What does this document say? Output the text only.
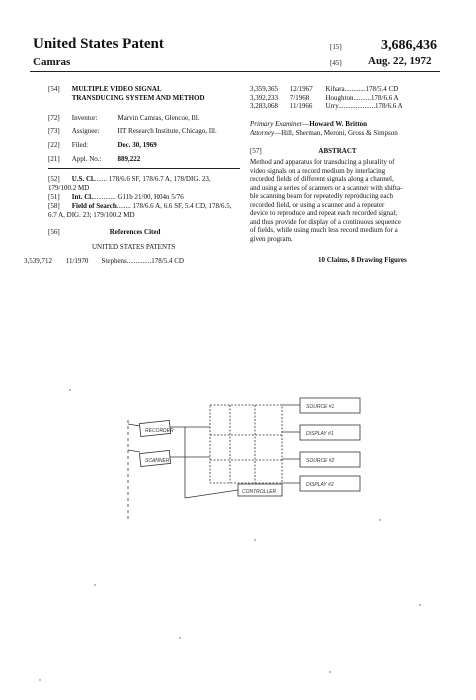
United States Patent
Camras
[15]	3,686,436
[45] Aug. 22, 1972
[54] MULTIPLE VIDEO SIGNAL TRANSDUCING SYSTEM AND METHOD
[72] Inventor:	Marvin Camras, Glencoe, Ill.
[73] Assignee:	IIT Research Institute, Chicago, Ill.
[22] Filed:	Dec. 30, 1969
[21] Appl. No.: 889,222
[52] U.S. Cl........ 178/6.6 SF, 178/6.7 A, 178/DIG. 23, 179/100.2 MD
[51] Int. Cl.............. G11b 21/00, H04n 5/76
[58] Field of Search........ 178/6.6 A, 6.6 SF, 5.4 CD, 178/6.5, 6.7 A, DIG. 23; 179/100.2 MD
[56]	References Cited
UNITED STATES PATENTS
3,539,712 11/1970 Stephens..............178/5.4 CD
3,359,365 12/1967 Kihara............178/5.4 CD
3,392,233 7/1968 Houghton..........178/6.6 A
3,283,068 11/1966 Urry.....................178/6.6 A
Primary Examiner—Howard W. Britton
Attorney—Hill, Sherman, Meroni, Gross & Simpson
[57]	ABSTRACT
Method and apparatus for transducing a plurality of
video signals on a record medium by interlacing
recorded fields of different signals along a channel,
and using a series of scanners or a scanner with shifta-
ble scanning beam for repeatedly reproducing each
recorded field, or using a scanner and a repeater
device to reproduce and repeat each recorded signal;
and thus provide for display of a continuous sequence
of fields, while using much less record medium for a
given program.
10 Claims, 8 Drawing Figures
RECORDER
SCANNER
SOURCE #1
DISPLAY #1
SOURCE #2
DISPLAY #2
CONTROLLER
